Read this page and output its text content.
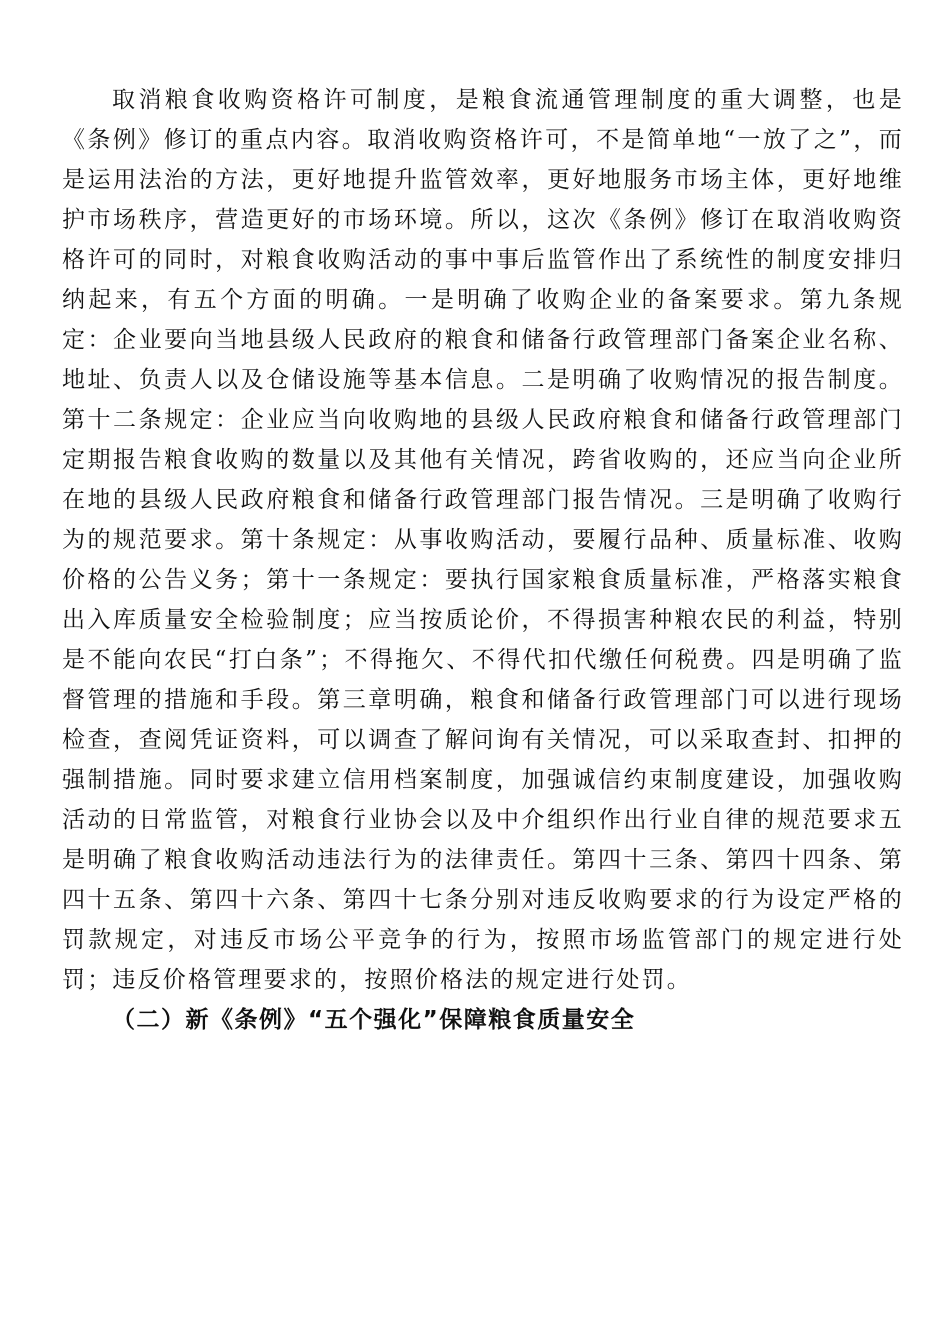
取消粮食收购资格许可制度，是粮食流通管理制度的重大调整，也是《条例》修订的重点内容。取消收购资格许可，不是简单地“一放了之”，而是运用法治的方法，更好地提升监管效率，更好地服务市场主体，更好地维护市场秩序，营造更好的市场环境。所以，这次《条例》修订在取消收购资格许可的同时，对粮食收购活动的事中事后监管作出了系统性的制度安排归纳起来，有五个方面的明确。一是明确了收购企业的备案要求。第九条规定：企业要向当地县级人民政府的粮食和储备行政管理部门备案企业名称、地址、负责人以及仓储设施等基本信息。二是明确了收购情况的报告制度。第十二条规定：企业应当向收购地的县级人民政府粮食和储备行政管理部门定期报告粮食收购的数量以及其他有关情况，跨省收购的，还应当向企业所在地的县级人民政府粮食和储备行政管理部门报告情况。三是明确了收购行为的规范要求。第十条规定：从事收购活动，要履行品种、质量标准、收购价格的公告义务；第十一条规定：要执行国家粮食质量标准，严格落实粮食出入库质量安全检验制度；应当按质论价，不得损害种粮农民的利益，特别是不能向农民“打白条”；不得拖欠、不得代扣代缴任何税费。四是明确了监督管理的措施和手段。第三章明确，粮食和储备行政管理部门可以进行现场检查，查阅凭证资料，可以调查了解问询有关情况，可以采取查封、扣押的强制措施。同时要求建立信用档案制度，加强诚信约束制度建设，加强收购活动的日常监管，对粮食行业协会以及中介组织作出行业自律的规范要求五是明确了粮食收购活动违法行为的法律责任。第四十三条、第四十四条、第四十五条、第四十六条、第四十七条分别对违反收购要求的行为设定严格的罚款规定，对违反市场公平竞争的行为，按照市场监管部门的规定进行处罚；违反价格管理要求的，按照价格法的规定进行处罚。

（二）新《条例》“五个强化”保障粮食质量安全
